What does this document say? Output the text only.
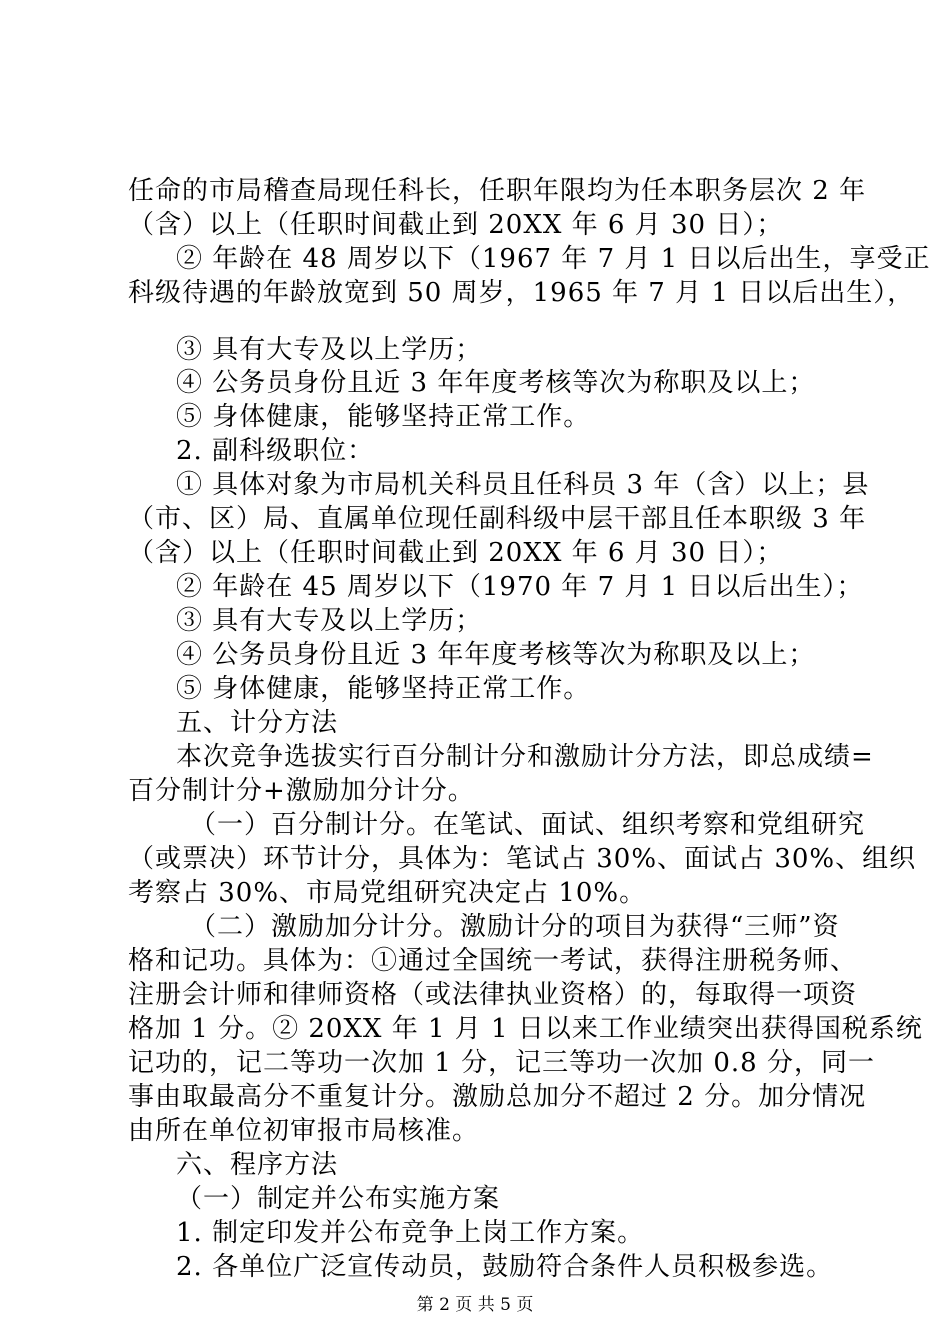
任命的市局稽查局现任科长，任职年限均为任本职务层次 2 年
（含）以上（任职时间截止到 20XX 年 6 月 30 日）；
② 年龄在 48 周岁以下（1967 年 7 月 1 日以后出生，享受正
科级待遇的年龄放宽到 50 周岁，1965 年 7 月 1 日以后出生），
③ 具有大专及以上学历；
④ 公务员身份且近 3 年年度考核等次为称职及以上；
⑤ 身体健康，能够坚持正常工作。
2. 副科级职位：
① 具体对象为市局机关科员且任科员 3 年（含）以上；县
（市、区）局、直属单位现任副科级中层干部且任本职级 3 年
（含）以上（任职时间截止到 20XX 年 6 月 30 日）；
② 年龄在 45 周岁以下（1970 年 7 月 1 日以后出生）；
③ 具有大专及以上学历；
④ 公务员身份且近 3 年年度考核等次为称职及以上；
⑤ 身体健康，能够坚持正常工作。
五、计分方法
本次竞争选拔实行百分制计分和激励计分方法，即总成绩=
百分制计分+激励加分计分。
（一）百分制计分。在笔试、面试、组织考察和党组研究
（或票决）环节计分，具体为：笔试占 30%、面试占 30%、组织
考察占 30%、市局党组研究决定占 10%。
（二）激励加分计分。激励计分的项目为获得“三师”资
格和记功。具体为：①通过全国统一考试，获得注册税务师、
注册会计师和律师资格（或法律执业资格）的，每取得一项资
格加 1 分。② 20XX 年 1 月 1 日以来工作业绩突出获得国税系统
记功的，记二等功一次加 1 分，记三等功一次加 0.8 分，同一
事由取最高分不重复计分。激励总加分不超过 2 分。加分情况
由所在单位初审报市局核准。
六、程序方法
（一）制定并公布实施方案
1. 制定印发并公布竞争上岗工作方案。
2. 各单位广泛宣传动员，鼓励符合条件人员积极参选。
第 2 页 共 5 页
